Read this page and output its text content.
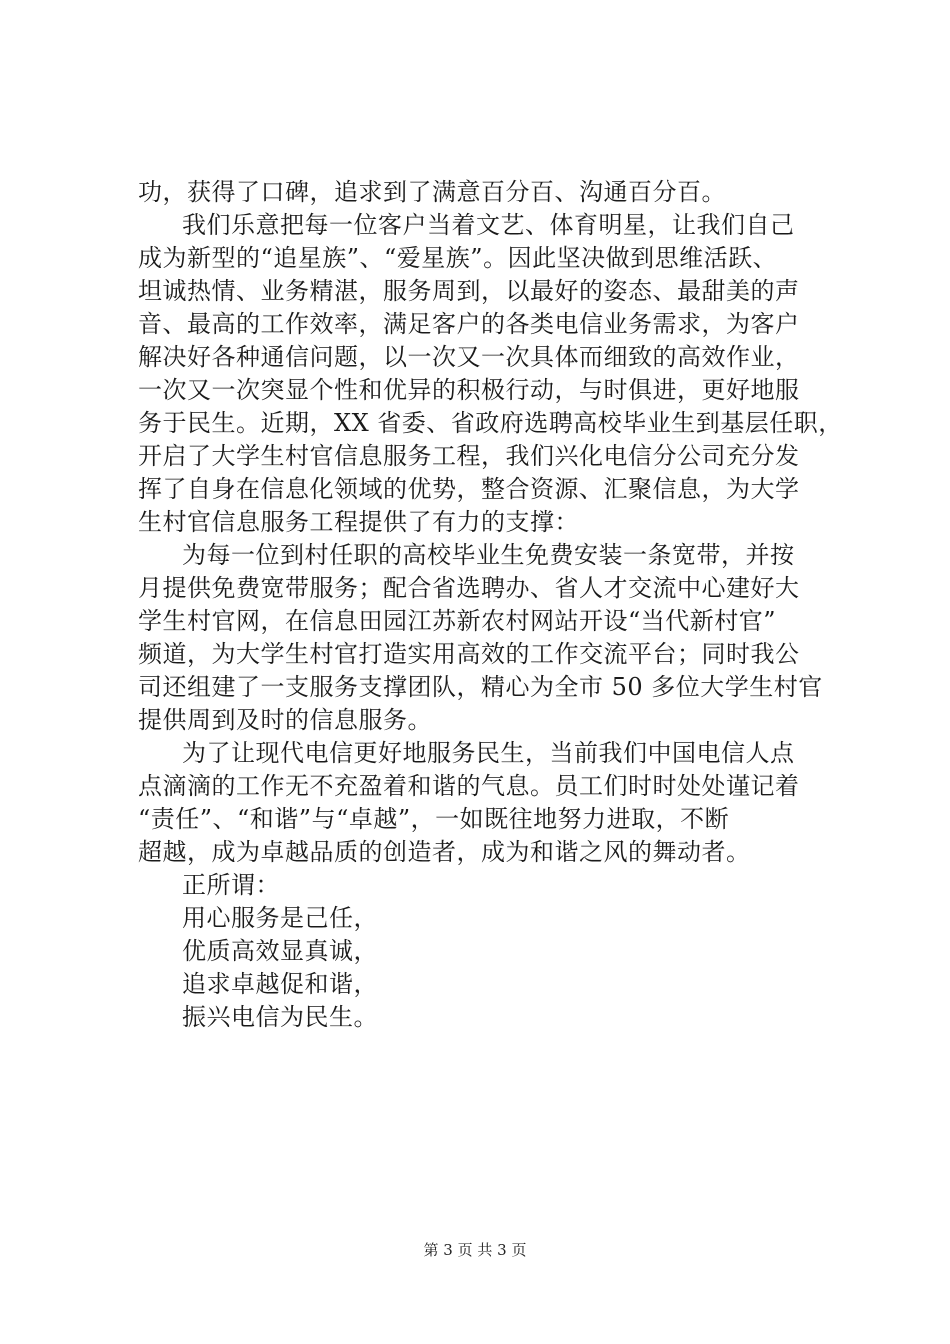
功，获得了口碑，追求到了满意百分百、沟通百分百。
我们乐意把每一位客户当着文艺、体育明星，让我们自己
成为新型的“追星族”、“爱星族”。因此坚决做到思维活跃、
坦诚热情、业务精湛，服务周到，以最好的姿态、最甜美的声
音、最高的工作效率，满足客户的各类电信业务需求，为客户
解决好各种通信问题，以一次又一次具体而细致的高效作业，
一次又一次突显个性和优异的积极行动，与时俱进，更好地服
务于民生。近期，XX 省委、省政府选聘高校毕业生到基层任职，
开启了大学生村官信息服务工程，我们兴化电信分公司充分发
挥了自身在信息化领域的优势，整合资源、汇聚信息，为大学
生村官信息服务工程提供了有力的支撑：
为每一位到村任职的高校毕业生免费安装一条宽带，并按
月提供免费宽带服务；配合省选聘办、省人才交流中心建好大
学生村官网，在信息田园江苏新农村网站开设“当代新村官”
频道，为大学生村官打造实用高效的工作交流平台；同时我公
司还组建了一支服务支撑团队，精心为全市 50 多位大学生村官
提供周到及时的信息服务。
为了让现代电信更好地服务民生，当前我们中国电信人点
点滴滴的工作无不充盈着和谐的气息。员工们时时处处谨记着
“责任”、“和谐”与“卓越”，一如既往地努力进取，不断
超越，成为卓越品质的创造者，成为和谐之风的舞动者。
正所谓：
用心服务是己任，
优质高效显真诚，
追求卓越促和谐，
振兴电信为民生。
第 3 页 共 3 页
